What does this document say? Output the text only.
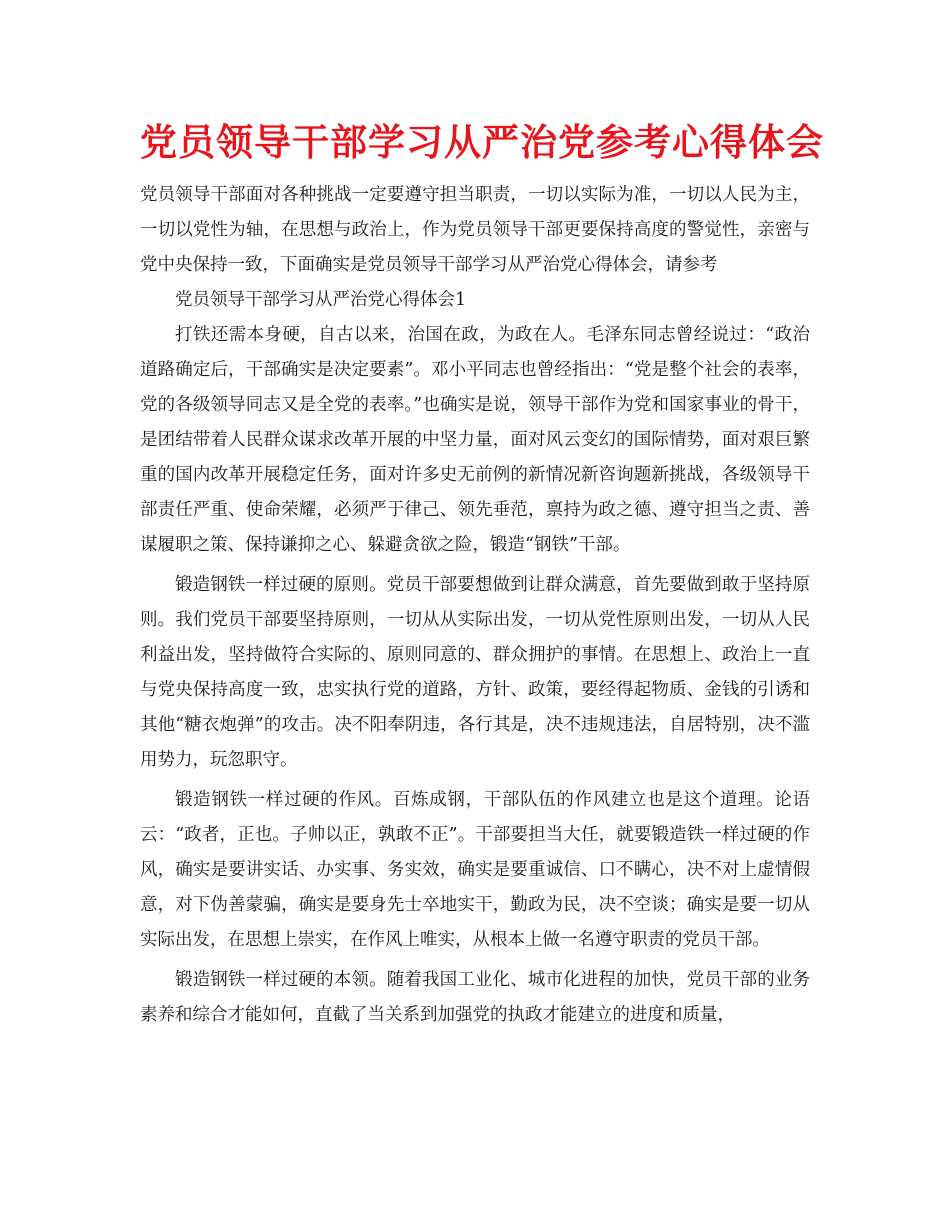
党员领导干部学习从严治党参考心得体会

党员领导干部面对各种挑战一定要遵守担当职责，一切以实际为准，一切以人民为主，一切以党性为轴，在思想与政治上，作为党员领导干部更要保持高度的警觉性，亲密与党中央保持一致，下面确实是党员领导干部学习从严治党心得体会，请参考

党员领导干部学习从严治党心得体会1

打铁还需本身硬，自古以来，治国在政，为政在人。毛泽东同志曾经说过：“政治道路确定后，干部确实是决定要素”。邓小平同志也曾经指出：“党是整个社会的表率，党的各级领导同志又是全党的表率。”也确实是说，领导干部作为党和国家事业的骨干，是团结带着人民群众谋求改革开展的中坚力量，面对风云变幻的国际情势，面对艰巨繁重的国内改革开展稳定任务，面对许多史无前例的新情况新咨询题新挑战，各级领导干部责任严重、使命荣耀，必须严于律己、领先垂范，禀持为政之德、遵守担当之责、善谋履职之策、保持谦抑之心、躲避贪欲之险，锻造“钢铁”干部。

锻造钢铁一样过硬的原则。党员干部要想做到让群众满意，首先要做到敢于坚持原则。我们党员干部要坚持原则，一切从从实际出发，一切从党性原则出发，一切从人民利益出发，坚持做符合实际的、原则同意的、群众拥护的事情。在思想上、政治上一直与党央保持高度一致，忠实执行党的道路，方针、政策，要经得起物质、金钱的引诱和其他“糖衣炮弹”的攻击。决不阳奉阴违，各行其是，决不违规违法，自居特别，决不滥用势力，玩忽职守。

锻造钢铁一样过硬的作风。百炼成钢，干部队伍的作风建立也是这个道理。论语云：“政者，正也。子帅以正，孰敢不正”。干部要担当大任，就要锻造铁一样过硬的作风，确实是要讲实话、办实事、务实效，确实是要重诚信、口不瞒心，决不对上虚情假意，对下伪善蒙骗，确实是要身先士卒地实干，勤政为民，决不空谈；确实是要一切从实际出发，在思想上崇实，在作风上唯实，从根本上做一名遵守职责的党员干部。

锻造钢铁一样过硬的本领。随着我国工业化、城市化进程的加快，党员干部的业务素养和综合才能如何，直截了当关系到加强党的执政才能建立的进度和质量，
